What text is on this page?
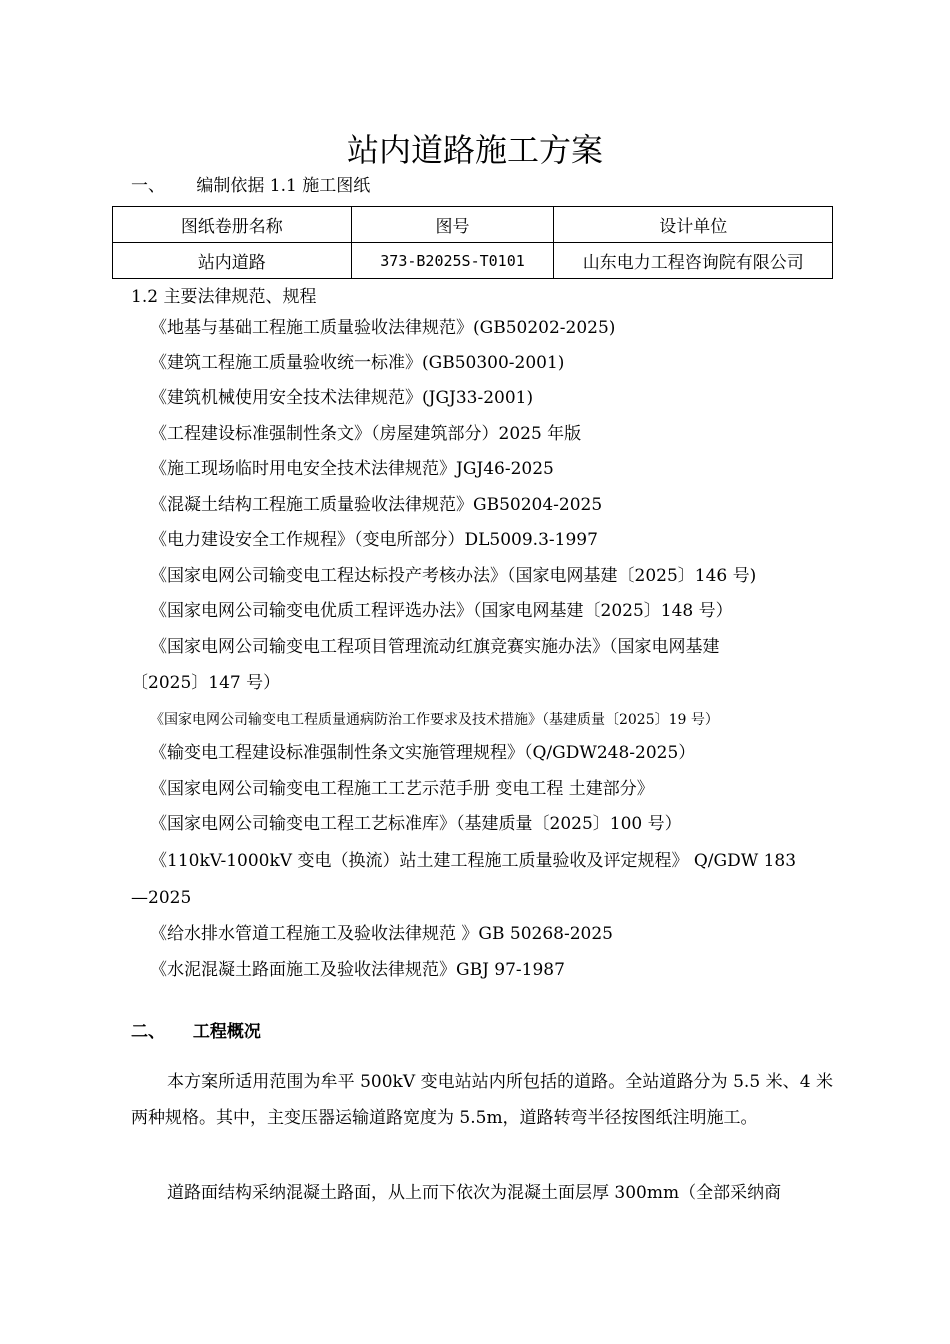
站内道路施工方案
一、 编制依据 1.1 施工图纸
图纸卷册名称	图号	设计单位
站内道路	373-B2025S-T0101	山东电力工程咨询院有限公司
1.2 主要法律规范、规程
《地基与基础工程施工质量验收法律规范》(GB50202-2025)
《建筑工程施工质量验收统一标准》(GB50300-2001)
《建筑机械使用安全技术法律规范》(JGJ33-2001)
《工程建设标准强制性条文》（房屋建筑部分）2025 年版
《施工现场临时用电安全技术法律规范》JGJ46-2025
《混凝土结构工程施工质量验收法律规范》GB50204-2025
《电力建设安全工作规程》（变电所部分）DL5009.3-1997
《国家电网公司输变电工程达标投产考核办法》（国家电网基建〔2025〕146 号)
《国家电网公司输变电优质工程评选办法》（国家电网基建〔2025〕148 号）
《国家电网公司输变电工程项目管理流动红旗竞赛实施办法》（国家电网基建
〔2025〕147 号）
《国家电网公司输变电工程质量通病防治工作要求及技术措施》（基建质量〔2025〕19 号）
《输变电工程建设标准强制性条文实施管理规程》（Q/GDW248-2025）
《国家电网公司输变电工程施工工艺示范手册 变电工程 土建部分》
《国家电网公司输变电工程工艺标准库》（基建质量〔2025〕100 号）
《110kV-1000kV 变电（换流）站土建工程施工质量验收及评定规程》 Q/GDW 183
—2025
《给水排水管道工程施工及验收法律规范 》GB 50268-2025
《水泥混凝土路面施工及验收法律规范》GBJ 97-1987
二、 工程概况
本方案所适用范围为牟平 500kV 变电站站内所包括的道路。全站道路分为 5.5 米、4 米两种规格。其中，主变压器运输道路宽度为 5.5m，道路转弯半径按图纸注明施工。
道路面结构采纳混凝土路面，从上而下依次为混凝土面层厚 300mm（全部采纳商
